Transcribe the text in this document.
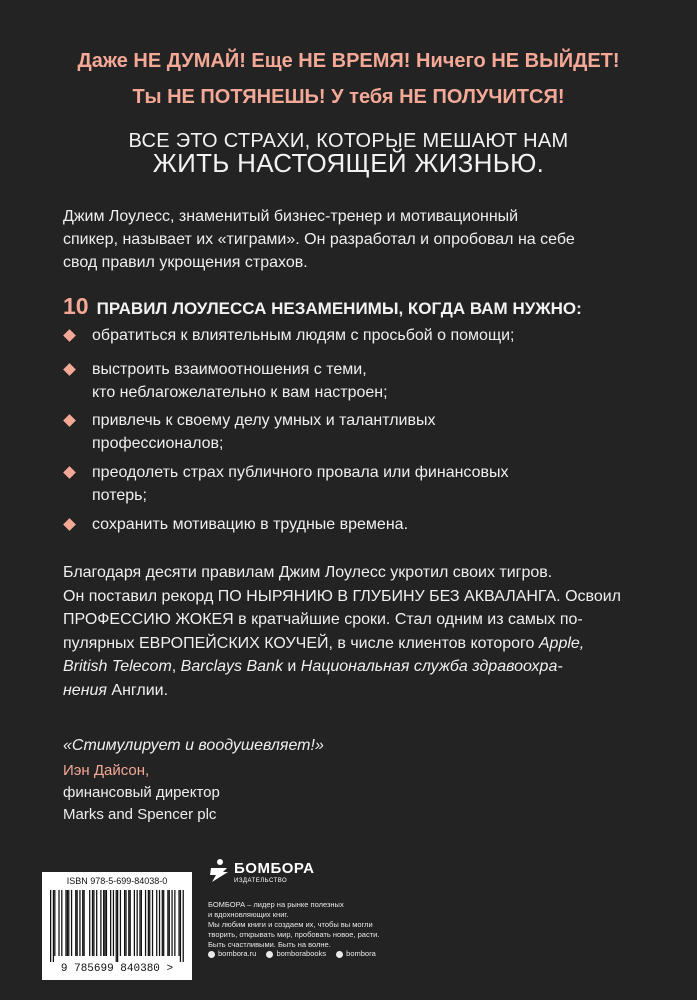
Даже НЕ ДУМАЙ! Еще НЕ ВРЕМЯ! Ничего НЕ ВЫЙДЕТ!
Ты НЕ ПОТЯНЕШЬ! У тебя НЕ ПОЛУЧИТСЯ!
ВСЕ ЭТО СТРАХИ, КОТОРЫЕ МЕШАЮТ НАМ
ЖИТЬ НАСТОЯЩЕЙ ЖИЗНЬЮ.
Джим Лоулесс, знаменитый бизнес-тренер и мотивационный
спикер, называет их «тиграми». Он разработал и опробовал на себе
свод правил укрощения страхов.
10 ПРАВИЛ ЛОУЛЕССА НЕЗАМЕНИМЫ, КОГДА ВАМ НУЖНО:
обратиться к влиятельным людям с просьбой о помощи;
выстроить взаимоотношения с теми,
кто неблагожелательно к вам настроен;
привлечь к своему делу умных и талантливых
профессионалов;
преодолеть страх публичного провала или финансовых
потерь;
сохранить мотивацию в трудные времена.
Благодаря десяти правилам Джим Лоулесс укротил своих тигров.
Он поставил рекорд ПО НЫРЯНИЮ В ГЛУБИНУ БЕЗ АКВАЛАНГА. Освоил
ПРОФЕССИЮ ЖОКЕЯ в кратчайшие сроки. Стал одним из самых по-
пулярных ЕВРОПЕЙСКИХ КОУЧЕЙ, в числе клиентов которого Apple,
British Telecom, Barclays Bank и Национальная служба здравоохра-
нения Англии.
«Стимулирует и воодушевляет!»
Иэн Дайсон,
финансовый директор
Marks and Spencer plc
ISBN 978-5-699-84038-0
9 785699 840380 >
БОМБОРА
ИЗДАТЕЛЬСТВО
БОМБОРА – лидер на рынке полезных
и вдохновляющих книг.
Мы любим книги и создаем их, чтобы вы могли
творить, открывать мир, пробовать новое, расти.
Быть счастливыми. Быть на волне.
bombora.ru	bomborabooks	bombora
